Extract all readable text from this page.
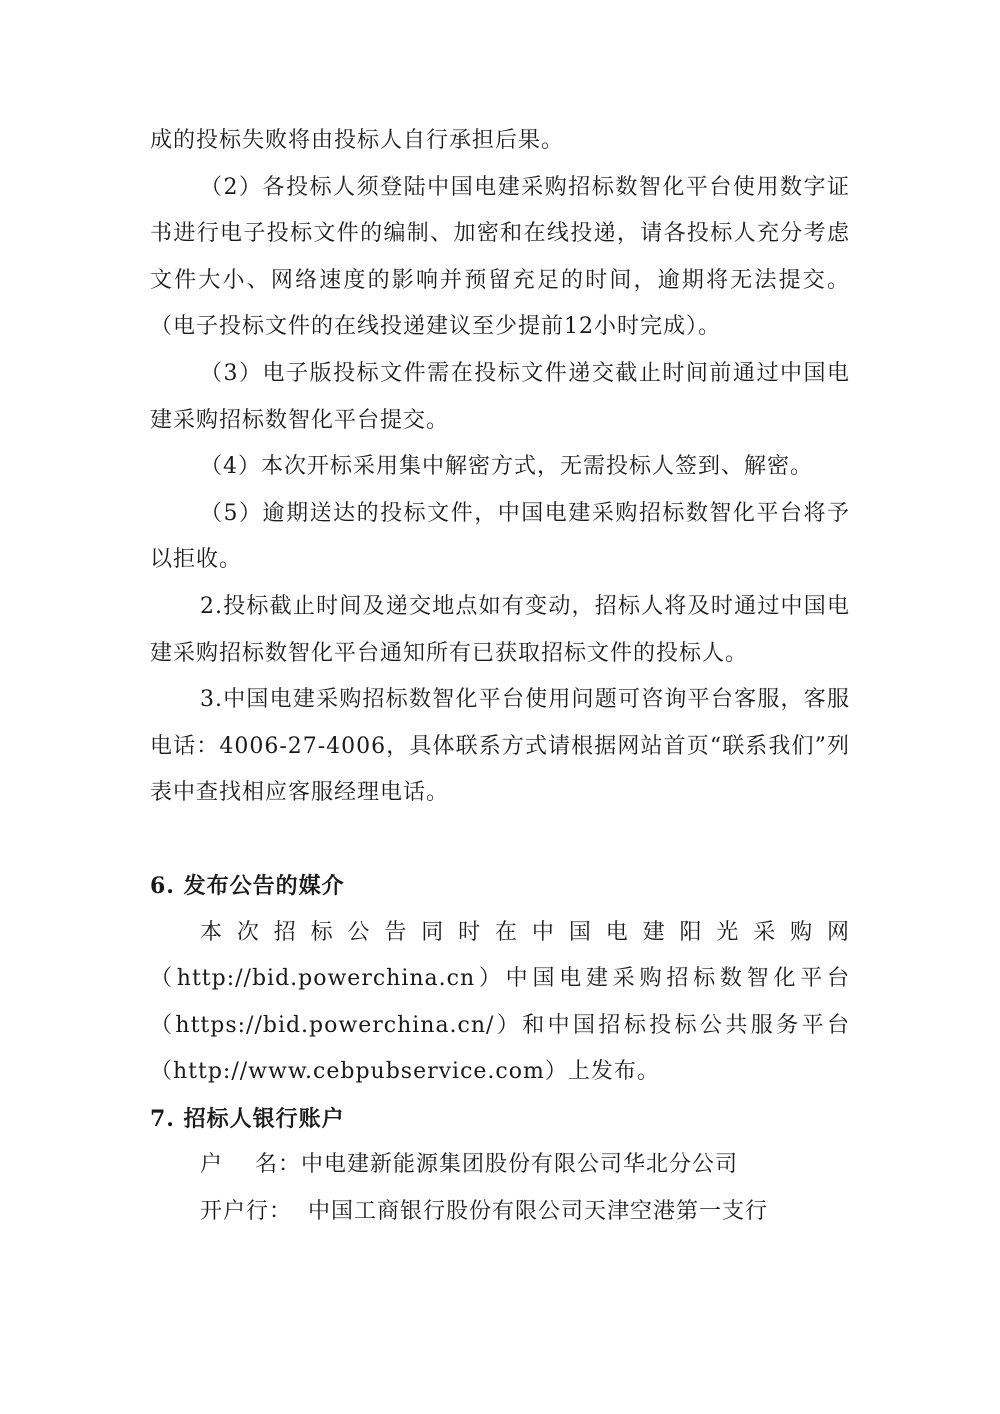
成的投标失败将由投标人自行承担后果。

（2）各投标人须登陆中国电建采购招标数智化平台使用数字证书进行电子投标文件的编制、加密和在线投递，请各投标人充分考虑文件大小、网络速度的影响并预留充足的时间，逾期将无法提交。（电子投标文件的在线投递建议至少提前12小时完成）。

（3）电子版投标文件需在投标文件递交截止时间前通过中国电建采购招标数智化平台提交。

（4）本次开标采用集中解密方式，无需投标人签到、解密。

（5）逾期送达的投标文件，中国电建采购招标数智化平台将予以拒收。

2.投标截止时间及递交地点如有变动，招标人将及时通过中国电建采购招标数智化平台通知所有已获取招标文件的投标人。

3.中国电建采购招标数智化平台使用问题可咨询平台客服，客服电话：4006-27-4006，具体联系方式请根据网站首页“联系我们”列表中查找相应客服经理电话。

6. 发布公告的媒介

本次招标公告同时在中国电建阳光采购网

（http://bid.powerchina.cn）中国电建采购招标数智化平台

（https://bid.powerchina.cn/）和中国招标投标公共服务平台

（http://www.cebpubservice.com）上发布。

7. 招标人银行账户

户    名：中电建新能源集团股份有限公司华北分公司

开户行：  中国工商银行股份有限公司天津空港第一支行
